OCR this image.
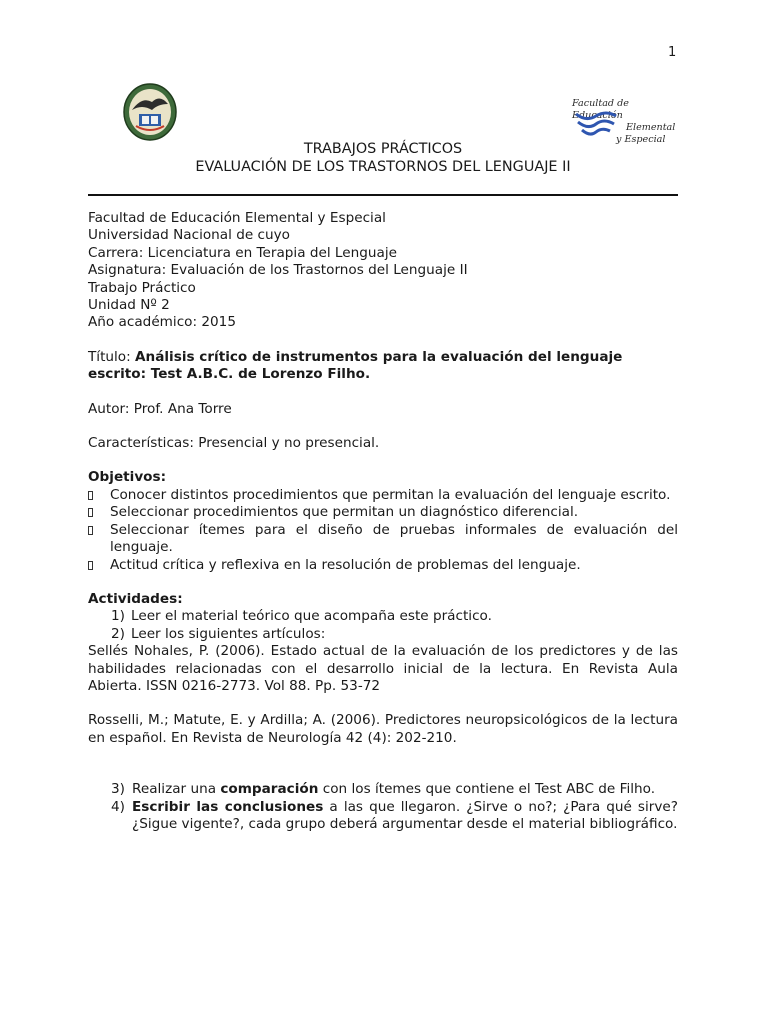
1
Facultad de Educación
Elemental
y Especial
TRABAJOS PRÁCTICOS
EVALUACIÓN DE LOS TRASTORNOS DEL LENGUAJE II

Facultad de Educación Elemental y Especial

Universidad Nacional de cuyo

Carrera: Licenciatura en Terapia del Lenguaje

Asignatura: Evaluación de los Trastornos del Lenguaje II

Trabajo Práctico

Unidad Nº 2

Año académico: 2015

Título: Análisis crítico de instrumentos para la evaluación del lenguaje escrito: Test A.B.C. de Lorenzo Filho.

Autor: Prof. Ana Torre

Características: Presencial y no presencial.

Objetivos:

Conocer distintos procedimientos que permitan la evaluación del lenguaje escrito.
Seleccionar procedimientos que permitan un diagnóstico diferencial.
Seleccionar ítemes para el diseño de pruebas informales de evaluación del lenguaje.
Actitud crítica y reflexiva en la resolución de problemas del lenguaje.

Actividades:

1) Leer el material teórico que acompaña este práctico.
2) Leer los siguientes artículos:

Sellés Nohales, P. (2006). Estado actual de la evaluación de los predictores y de las habilidades relacionadas con el desarrollo inicial de la lectura. En Revista Aula Abierta. ISSN 0216-2773. Vol 88. Pp. 53-72

Rosselli, M.; Matute, E. y Ardilla; A. (2006). Predictores neuropsicológicos de la lectura en español. En Revista de Neurología 42 (4): 202-210.

3) Realizar una comparación con los ítemes que contiene el Test ABC de Filho.
4) Escribir las conclusiones a las que llegaron. ¿Sirve o no?; ¿Para qué sirve? ¿Sigue vigente?, cada grupo deberá argumentar desde el material bibliográfico.
